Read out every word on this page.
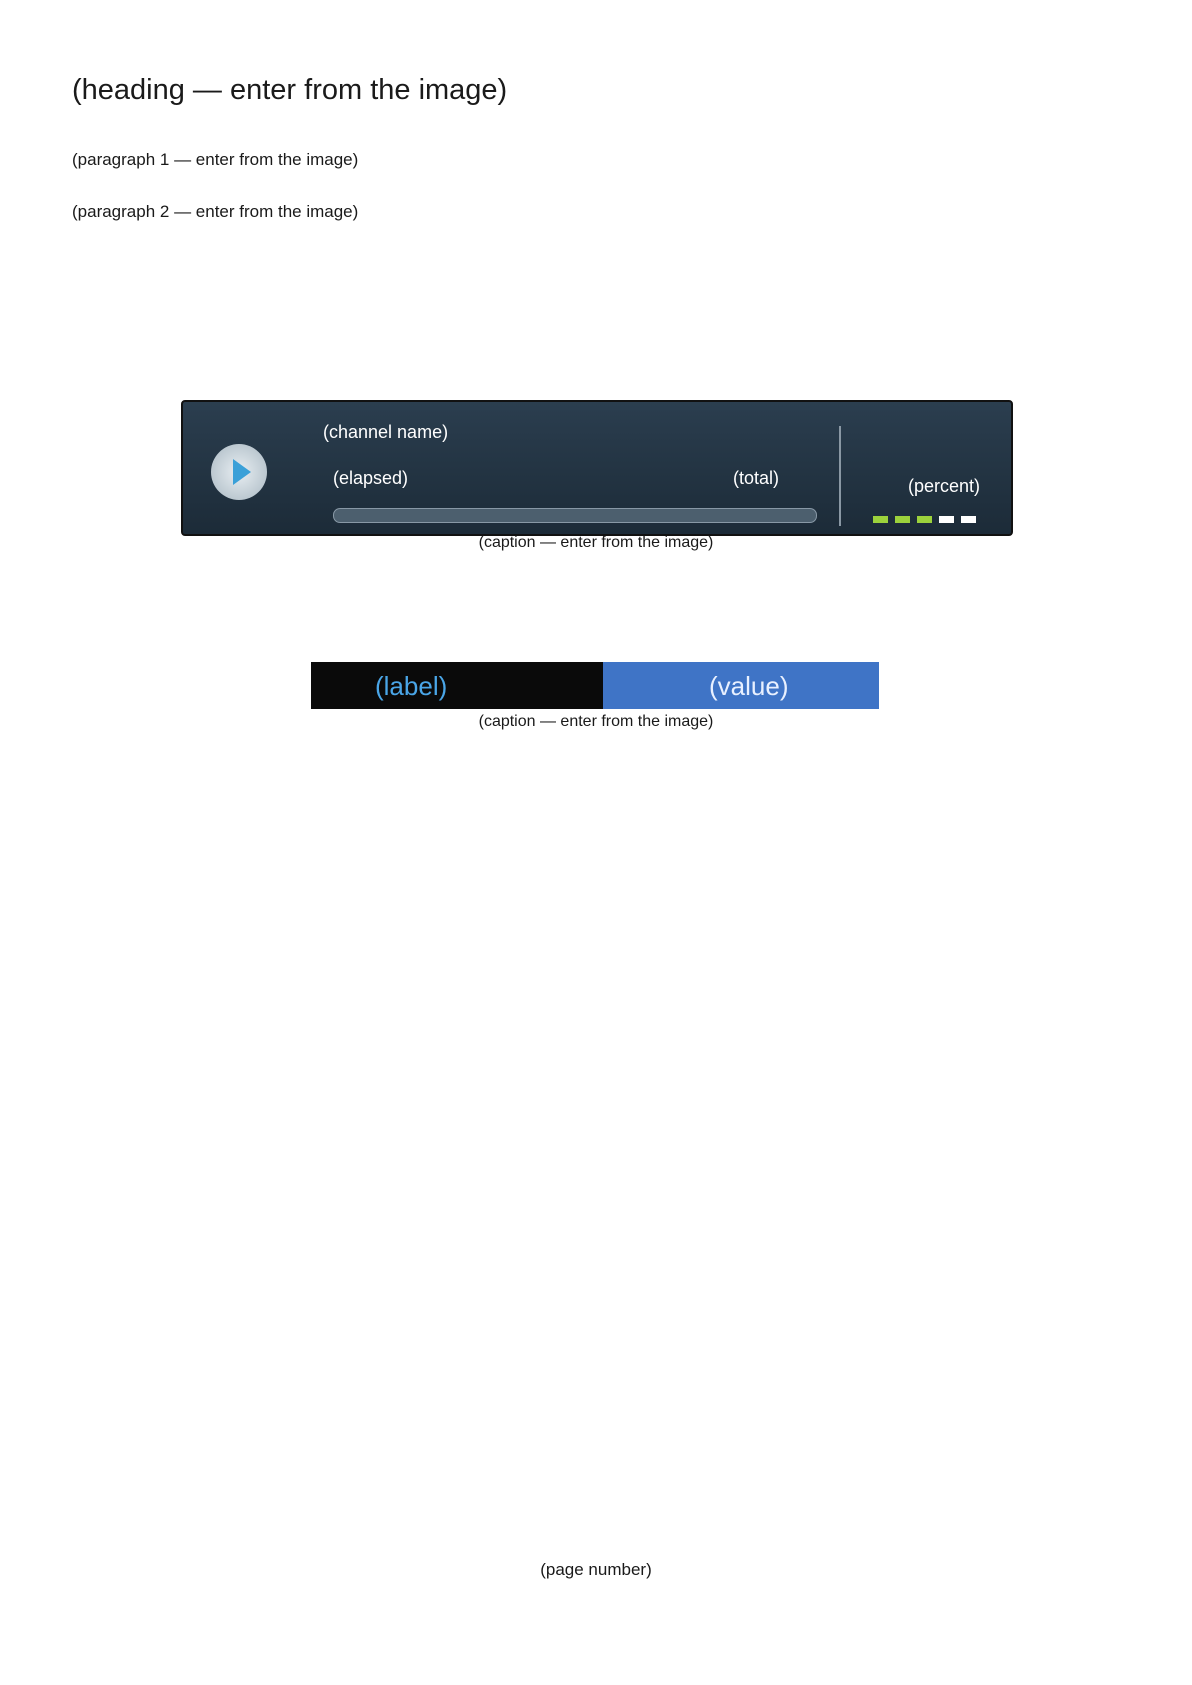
(heading — enter from the image)
(paragraph 1 — enter from the image)
(paragraph 2 — enter from the image)
(channel name)
(elapsed)	(total)	(percent)
(caption — enter from the image)
(label)	(value)
(caption — enter from the image)
(page number)
